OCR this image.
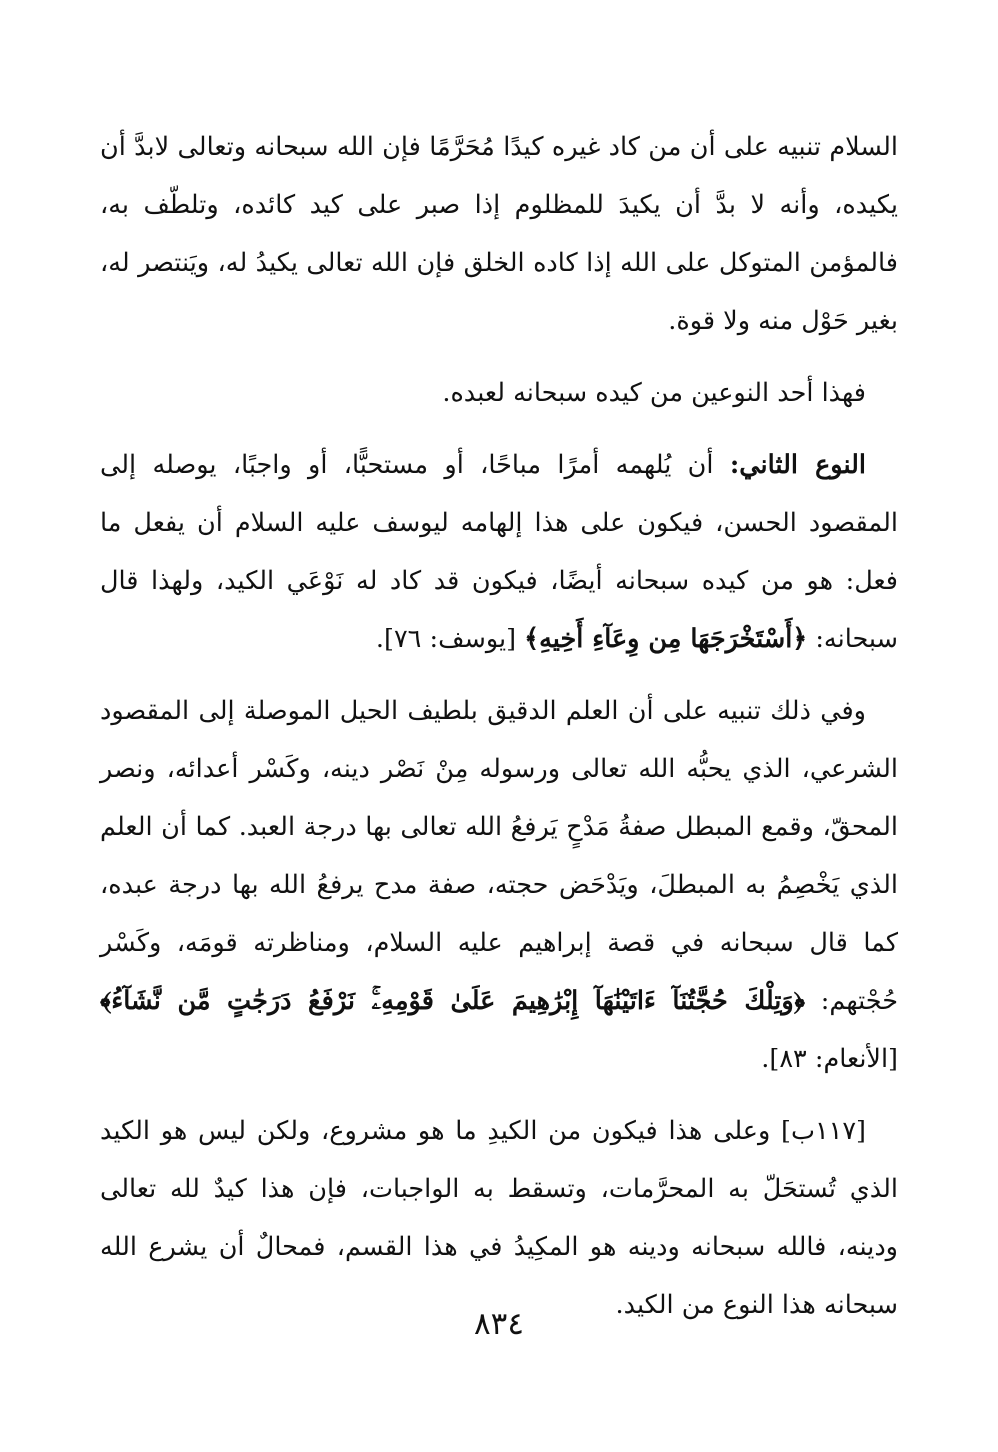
السلام تنبيه على أن من كاد غيره كيدًا مُحَرَّمًا فإن الله سبحانه وتعالى لابدَّ أن يكيده، وأنه لا بدَّ أن يكيدَ للمظلوم إذا صبر على كيد كائده، وتلطّف به، فالمؤمن المتوكل على الله إذا كاده الخلق فإن الله تعالى يكيدُ له، ويَنتصر له، بغير حَوْل منه ولا قوة.

فهذا أحد النوعين من كيده سبحانه لعبده.

النوع الثاني: أن يُلهمه أمرًا مباحًا، أو مستحبًّا، أو واجبًا، يوصله إلى المقصود الحسن، فيكون على هذا إلهامه ليوسف عليه السلام أن يفعل ما فعل: هو من كيده سبحانه أيضًا، فيكون قد كاد له نَوْعَي الكيد، ولهذا قال سبحانه: ﴿أَسْتَخْرَجَهَا مِن وِعَآءِ أَخِيهِ﴾ [يوسف: ٧٦].

وفي ذلك تنبيه على أن العلم الدقيق بلطيف الحيل الموصلة إلى المقصود الشرعي، الذي يحبُّه الله تعالى ورسوله مِنْ نَصْر دينه، وكَسْر أعدائه، ونصر المحقّ، وقمع المبطل صفةُ مَدْحٍ يَرفعُ الله تعالى بها درجة العبد. كما أن العلم الذي يَخْصِمُ به المبطلَ، ويَدْحَض حجته، صفة مدح يرفعُ الله بها درجة عبده، كما قال سبحانه في قصة إبراهيم عليه السلام، ومناظرته قومَه، وكَسْر حُجْتهم: ﴿وَتِلْكَ حُجَّتُنَآ ءَاتَيْنَٰهَآ إِبْرَٰهِيمَ عَلَىٰ قَوْمِهِۦۚ نَرْفَعُ دَرَجَٰتٍ مَّن نَّشَآءُ﴾ [الأنعام: ٨٣].

[١١٧ب] وعلى هذا فيكون من الكيدِ ما هو مشروع، ولكن ليس هو الكيد الذي تُستحَلّ به المحرَّمات، وتسقط به الواجبات، فإن هذا كيدٌ لله تعالى ودينه، فالله سبحانه ودينه هو المكِيدُ في هذا القسم، فمحالٌ أن يشرع الله سبحانه هذا النوع من الكيد.

٨٣٤
